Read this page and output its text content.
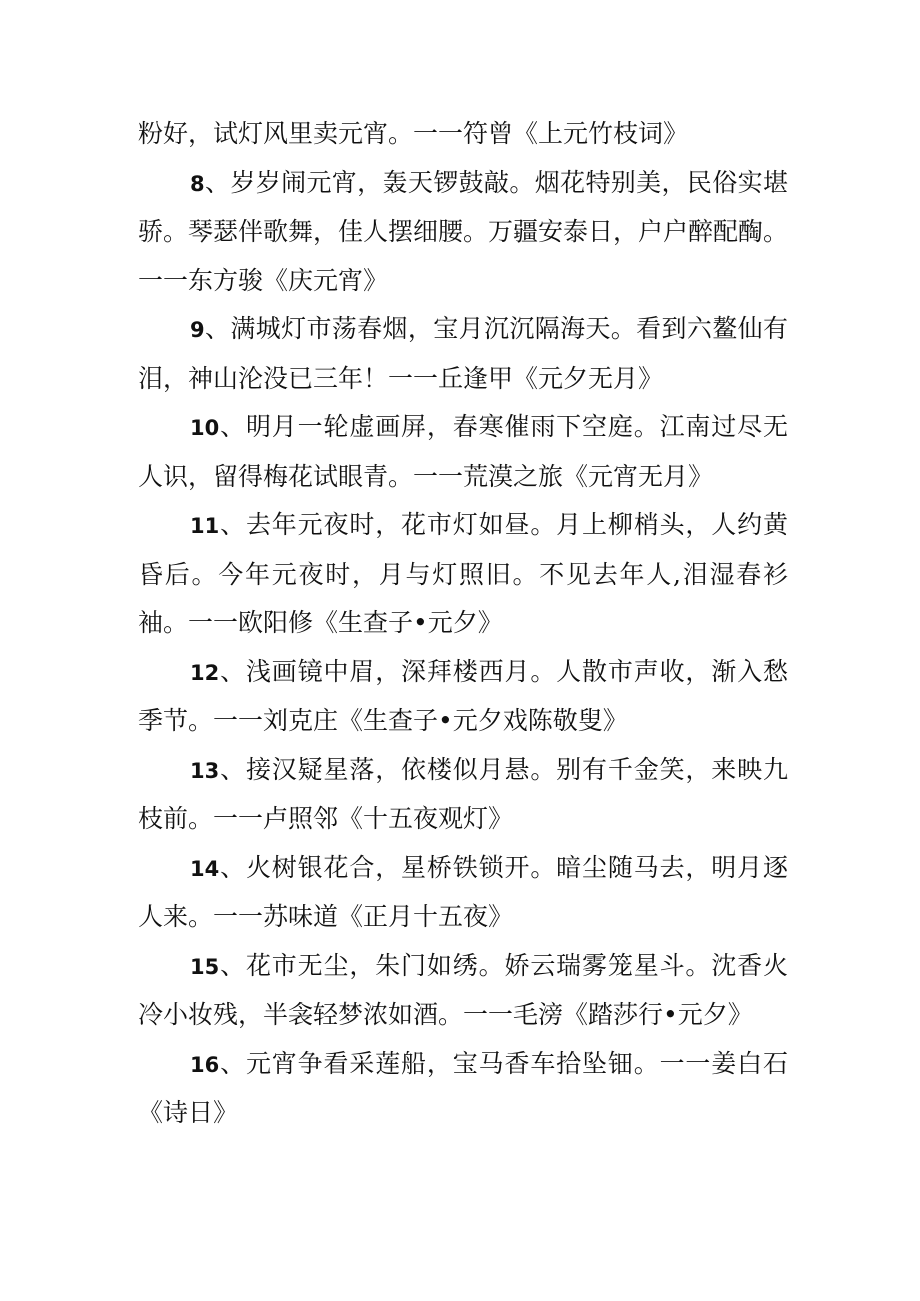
粉好，试灯风里卖元宵。一一符曾《上元竹枝词》

8、岁岁闹元宵，轰天锣鼓敲。烟花特别美，民俗实堪骄。琴瑟伴歌舞，佳人摆细腰。万疆安泰日，户户醉配醄。一一东方骏《庆元宵》

9、满城灯市荡春烟，宝月沉沉隔海天。看到六鳌仙有泪，神山沦没已三年！一一丘逢甲《元夕无月》

10、明月一轮虚画屏，春寒催雨下空庭。江南过尽无人识，留得梅花试眼青。一一荒漠之旅《元宵无月》

11、去年元夜时，花市灯如昼。月上柳梢头，人约黄昏后。今年元夜时，月与灯照旧。不见去年人,泪湿春衫袖。一一欧阳修《生查子•元夕》

12、浅画镜中眉，深拜楼西月。人散市声收，渐入愁季节。一一刘克庄《生查子•元夕戏陈敬叟》

13、接汉疑星落，依楼似月悬。别有千金笑，来映九枝前。一一卢照邻《十五夜观灯》

14、火树银花合，星桥铁锁开。暗尘随马去，明月逐人来。一一苏味道《正月十五夜》

15、花市无尘，朱门如绣。娇云瑞雾笼星斗。沈香火冷小妆残，半衾轻梦浓如酒。一一毛滂《踏莎行•元夕》

16、元宵争看采莲船，宝马香车拾坠钿。一一姜白石《诗日》
